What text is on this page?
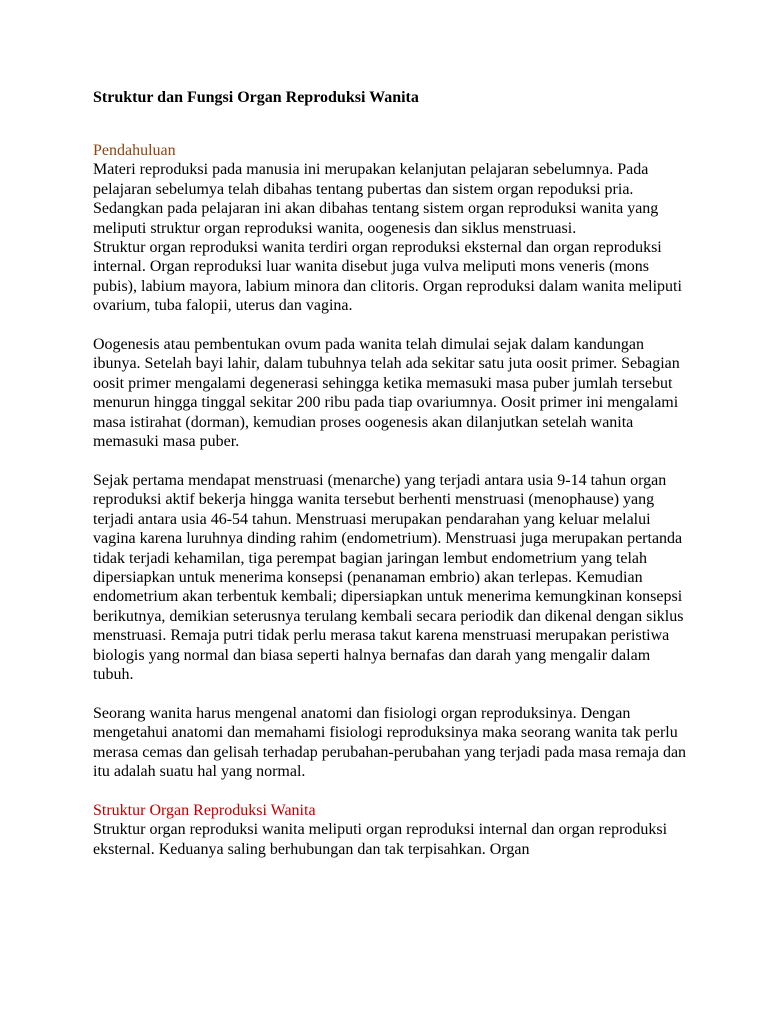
Struktur dan Fungsi Organ Reproduksi Wanita

Pendahuluan

Materi reproduksi pada manusia ini merupakan kelanjutan pelajaran sebelumnya. Pada pelajaran sebelumya telah dibahas tentang pubertas dan sistem organ repoduksi pria. Sedangkan pada pelajaran ini akan dibahas tentang sistem organ reproduksi wanita yang meliputi struktur organ reproduksi wanita, oogenesis dan siklus menstruasi.

Struktur organ reproduksi wanita terdiri organ reproduksi eksternal dan organ reproduksi internal. Organ reproduksi luar wanita disebut juga vulva meliputi mons veneris (mons pubis), labium mayora, labium minora dan clitoris. Organ reproduksi dalam wanita meliputi ovarium, tuba falopii, uterus dan vagina.

Oogenesis atau pembentukan ovum pada wanita telah dimulai sejak dalam kandungan ibunya. Setelah bayi lahir, dalam tubuhnya telah ada sekitar satu juta oosit primer. Sebagian oosit primer mengalami degenerasi sehingga ketika memasuki masa puber jumlah tersebut menurun hingga tinggal sekitar 200 ribu pada tiap ovariumnya. Oosit primer ini mengalami masa istirahat (dorman), kemudian proses oogenesis akan dilanjutkan setelah wanita memasuki masa puber.

Sejak pertama mendapat menstruasi (menarche) yang terjadi antara usia 9-14 tahun organ reproduksi aktif bekerja hingga wanita tersebut berhenti menstruasi (menophause) yang terjadi antara usia 46-54 tahun. Menstruasi merupakan pendarahan yang keluar melalui vagina karena luruhnya dinding rahim (endometrium). Menstruasi juga merupakan pertanda tidak terjadi kehamilan, tiga perempat bagian jaringan lembut endometrium yang telah dipersiapkan untuk menerima konsepsi (penanaman embrio) akan terlepas. Kemudian endometrium akan terbentuk kembali; dipersiapkan untuk menerima kemungkinan konsepsi berikutnya, demikian seterusnya terulang kembali secara periodik dan dikenal dengan siklus menstruasi. Remaja putri tidak perlu merasa takut karena menstruasi merupakan peristiwa biologis yang normal dan biasa seperti halnya bernafas dan darah yang mengalir dalam tubuh.

Seorang wanita harus mengenal anatomi dan fisiologi organ reproduksinya. Dengan mengetahui anatomi dan memahami fisiologi reproduksinya maka seorang wanita tak perlu merasa cemas dan gelisah terhadap perubahan-perubahan yang terjadi pada masa remaja dan itu adalah suatu hal yang normal.

Struktur Organ Reproduksi Wanita

Struktur organ reproduksi wanita meliputi organ reproduksi internal dan organ reproduksi eksternal. Keduanya saling berhubungan dan tak terpisahkan. Organ
